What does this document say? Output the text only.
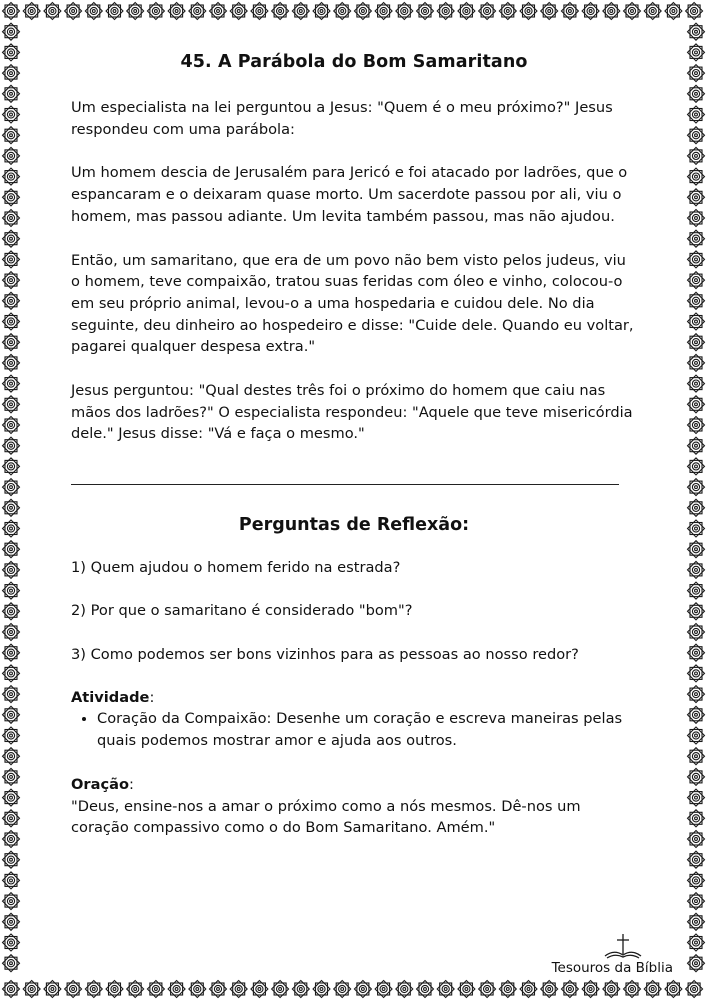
45. A Parábola do Bom Samaritano

Um especialista na lei perguntou a Jesus: "Quem é o meu próximo?" Jesus respondeu com uma parábola:

Um homem descia de Jerusalém para Jericó e foi atacado por ladrões, que o espancaram e o deixaram quase morto. Um sacerdote passou por ali, viu o homem, mas passou adiante. Um levita também passou, mas não ajudou.

Então, um samaritano, que era de um povo não bem visto pelos judeus, viu o homem, teve compaixão, tratou suas feridas com óleo e vinho, colocou-o em seu próprio animal, levou-o a uma hospedaria e cuidou dele. No dia seguinte, deu dinheiro ao hospedeiro e disse: "Cuide dele. Quando eu voltar, pagarei qualquer despesa extra."

Jesus perguntou: "Qual destes três foi o próximo do homem que caiu nas mãos dos ladrões?" O especialista respondeu: "Aquele que teve misericórdia dele." Jesus disse: "Vá e faça o mesmo."

Perguntas de Reflexão:

1) Quem ajudou o homem ferido na estrada?

2) Por que o samaritano é considerado "bom"?

3) Como podemos ser bons vizinhos para as pessoas ao nosso redor?

Atividade:

• Coração da Compaixão: Desenhe um coração e escreva maneiras pelas quais podemos mostrar amor e ajuda aos outros.

Oração:

"Deus, ensine-nos a amar o próximo como a nós mesmos. Dê-nos um coração compassivo como o do Bom Samaritano. Amém."

Tesouros da Bíblia
